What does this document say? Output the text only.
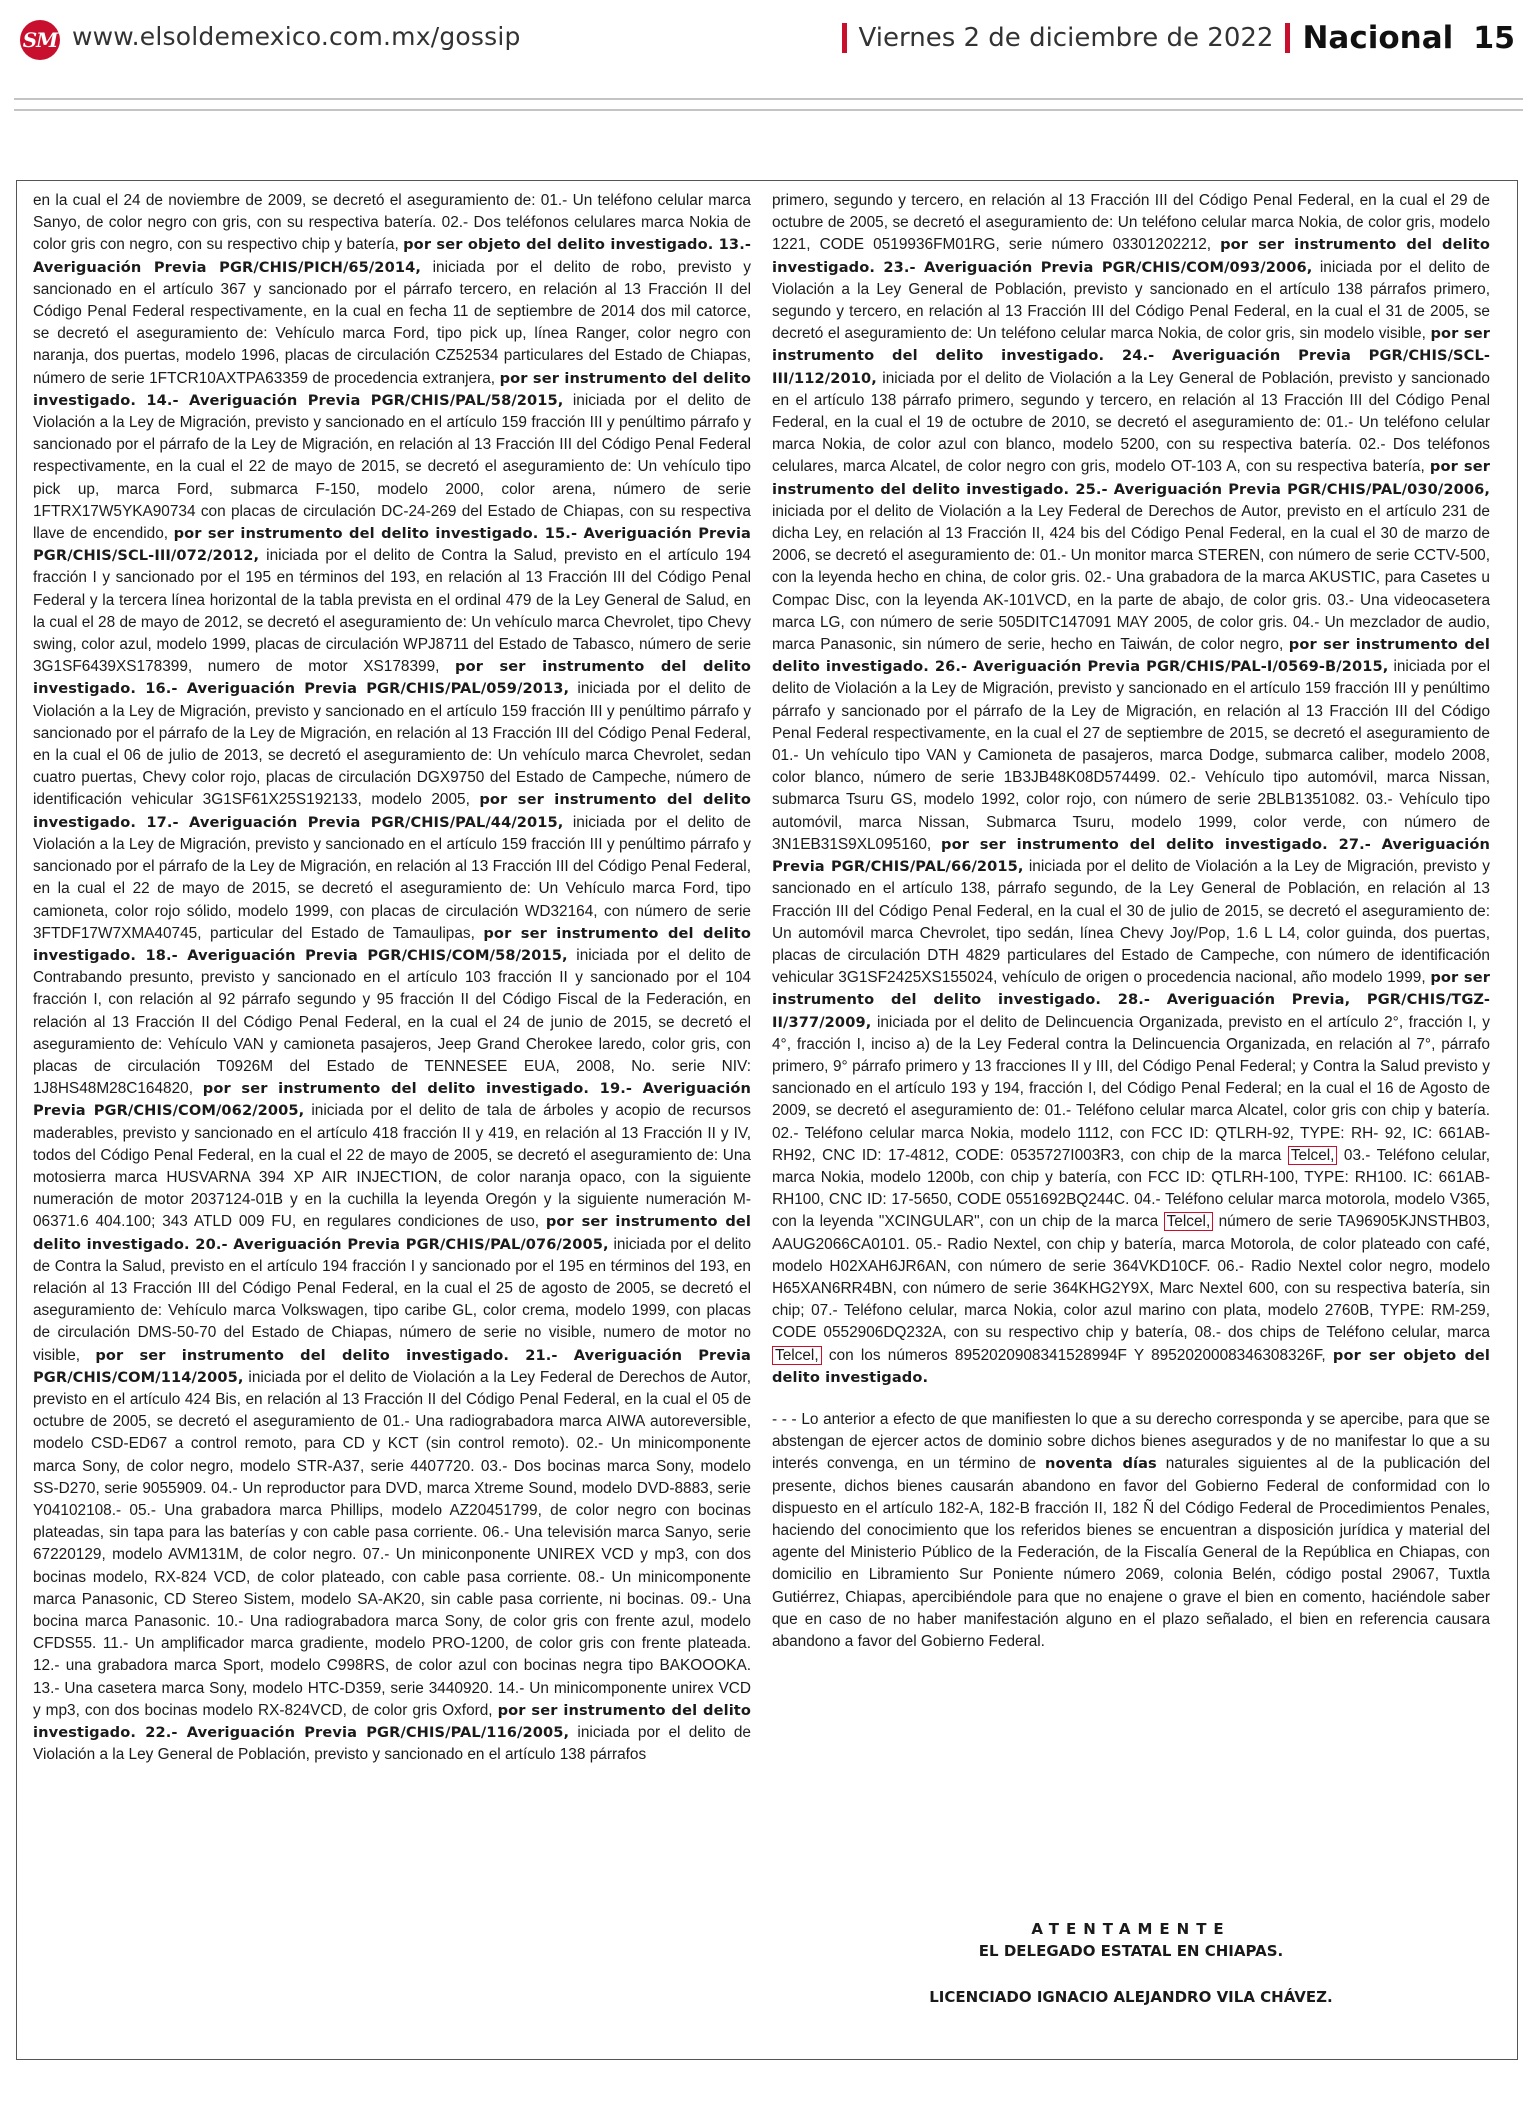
SM www.elsoldemexico.com.mx/gossip	Viernes 2 de diciembre de 2022 Nacional 15

en la cual el 24 de noviembre de 2009, se decretó el aseguramiento de: 01.- Un teléfono celular marca Sanyo, de color negro con gris, con su respectiva batería. 02.- Dos teléfonos celulares marca Nokia de color gris con negro, con su respectivo chip y batería, por ser objeto del delito investigado. 13.- Averiguación Previa PGR/CHIS/PICH/65/2014, iniciada por el delito de robo, previsto y sancionado en el artículo 367 y sancionado por el párrafo tercero, en relación al 13 Fracción II del Código Penal Federal respectivamente, en la cual en fecha 11 de septiembre de 2014 dos mil catorce, se decretó el aseguramiento de: Vehículo marca Ford, tipo pick up, línea Ranger, color negro con naranja, dos puertas, modelo 1996, placas de circulación CZ52534 particulares del Estado de Chiapas, número de serie 1FTCR10AXTPA63359 de procedencia extranjera, por ser instrumento del delito investigado. 14.- Averiguación Previa PGR/CHIS/PAL/58/2015, iniciada por el delito de Violación a la Ley de Migración, previsto y sancionado en el artículo 159 fracción III y penúltimo párrafo y sancionado por el párrafo de la Ley de Migración, en relación al 13 Fracción III del Código Penal Federal respectivamente, en la cual el 22 de mayo de 2015, se decretó el aseguramiento de: Un vehículo tipo pick up, marca Ford, submarca F-150, modelo 2000, color arena, número de serie 1FTRX17W5YKA90734 con placas de circulación DC-24-269 del Estado de Chiapas, con su respectiva llave de encendido, por ser instrumento del delito investigado. 15.- Averiguación Previa PGR/CHIS/SCL-III/072/2012, iniciada por el delito de Contra la Salud, previsto en el artículo 194 fracción I y sancionado por el 195 en términos del 193, en relación al 13 Fracción III del Código Penal Federal y la tercera línea horizontal de la tabla prevista en el ordinal 479 de la Ley General de Salud, en la cual el 28 de mayo de 2012, se decretó el aseguramiento de: Un vehículo marca Chevrolet, tipo Chevy swing, color azul, modelo 1999, placas de circulación WPJ8711 del Estado de Tabasco, número de serie 3G1SF6439XS178399, numero de motor XS178399, por ser instrumento del delito investigado. 16.- Averiguación Previa PGR/CHIS/PAL/059/2013, iniciada por el delito de Violación a la Ley de Migración, previsto y sancionado en el artículo 159 fracción III y penúltimo párrafo y sancionado por el párrafo de la Ley de Migración, en relación al 13 Fracción III del Código Penal Federal, en la cual el 06 de julio de 2013, se decretó el aseguramiento de: Un vehículo marca Chevrolet, sedan cuatro puertas, Chevy color rojo, placas de circulación DGX9750 del Estado de Campeche, número de identificación vehicular 3G1SF61X25S192133, modelo 2005, por ser instrumento del delito investigado. 17.- Averiguación Previa PGR/CHIS/PAL/44/2015, iniciada por el delito de Violación a la Ley de Migración, previsto y sancionado en el artículo 159 fracción III y penúltimo párrafo y sancionado por el párrafo de la Ley de Migración, en relación al 13 Fracción III del Código Penal Federal, en la cual el 22 de mayo de 2015, se decretó el aseguramiento de: Un Vehículo marca Ford, tipo camioneta, color rojo sólido, modelo 1999, con placas de circulación WD32164, con número de serie 3FTDF17W7XMA40745, particular del Estado de Tamaulipas, por ser instrumento del delito investigado. 18.- Averiguación Previa PGR/CHIS/COM/58/2015, iniciada por el delito de Contrabando presunto, previsto y sancionado en el artículo 103 fracción II y sancionado por el 104 fracción I, con relación al 92 párrafo segundo y 95 fracción II del Código Fiscal de la Federación, en relación al 13 Fracción II del Código Penal Federal, en la cual el 24 de junio de 2015, se decretó el aseguramiento de: Vehículo VAN y camioneta pasajeros, Jeep Grand Cherokee laredo, color gris, con placas de circulación T0926M del Estado de TENNESEE EUA, 2008, No. serie NIV: 1J8HS48M28C164820, por ser instrumento del delito investigado. 19.- Averiguación Previa PGR/CHIS/COM/062/2005, iniciada por el delito de tala de árboles y acopio de recursos maderables, previsto y sancionado en el artículo 418 fracción II y 419, en relación al 13 Fracción II y IV, todos del Código Penal Federal, en la cual el 22 de mayo de 2005, se decretó el aseguramiento de: Una motosierra marca HUSVARNA 394 XP AIR INJECTION, de color naranja opaco, con la siguiente numeración de motor 2037124-01B y en la cuchilla la leyenda Oregón y la siguiente numeración M-06371.6 404.100; 343 ATLD 009 FU, en regulares condiciones de uso, por ser instrumento del delito investigado. 20.- Averiguación Previa PGR/CHIS/PAL/076/2005, iniciada por el delito de Contra la Salud, previsto en el artículo 194 fracción I y sancionado por el 195 en términos del 193, en relación al 13 Fracción III del Código Penal Federal, en la cual el 25 de agosto de 2005, se decretó el aseguramiento de: Vehículo marca Volkswagen, tipo caribe GL, color crema, modelo 1999, con placas de circulación DMS-50-70 del Estado de Chiapas, número de serie no visible, numero de motor no visible, por ser instrumento del delito investigado. 21.- Averiguación Previa PGR/CHIS/COM/114/2005, iniciada por el delito de Violación a la Ley Federal de Derechos de Autor, previsto en el artículo 424 Bis, en relación al 13 Fracción II del Código Penal Federal, en la cual el 05 de octubre de 2005, se decretó el aseguramiento de 01.- Una radiograbadora marca AIWA autoreversible, modelo CSD-ED67 a control remoto, para CD y KCT (sin control remoto). 02.- Un minicomponente marca Sony, de color negro, modelo STR-A37, serie 4407720. 03.- Dos bocinas marca Sony, modelo SS-D270, serie 9055909. 04.- Un reproductor para DVD, marca Xtreme Sound, modelo DVD-8883, serie Y04102108.- 05.- Una grabadora marca Phillips, modelo AZ20451799, de color negro con bocinas plateadas, sin tapa para las baterías y con cable pasa corriente. 06.- Una televisión marca Sanyo, serie 67220129, modelo AVM131M, de color negro. 07.- Un miniconponente UNIREX VCD y mp3, con dos bocinas modelo, RX-824 VCD, de color plateado, con cable pasa corriente. 08.- Un minicomponente marca Panasonic, CD Stereo Sistem, modelo SA-AK20, sin cable pasa corriente, ni bocinas. 09.- Una bocina marca Panasonic. 10.- Una radiograbadora marca Sony, de color gris con frente azul, modelo CFDS55. 11.- Un amplificador marca gradiente, modelo PRO-1200, de color gris con frente plateada. 12.- una grabadora marca Sport, modelo C998RS, de color azul con bocinas negra tipo BAKOOOKA. 13.- Una casetera marca Sony, modelo HTC-D359, serie 3440920. 14.- Un minicomponente unirex VCD y mp3, con dos bocinas modelo RX-824VCD, de color gris Oxford, por ser instrumento del delito investigado. 22.- Averiguación Previa PGR/CHIS/PAL/116/2005, iniciada por el delito de Violación a la Ley General de Población, previsto y sancionado en el artículo 138 párrafos

primero, segundo y tercero, en relación al 13 Fracción III del Código Penal Federal, en la cual el 29 de octubre de 2005, se decretó el aseguramiento de: Un teléfono celular marca Nokia, de color gris, modelo 1221, CODE 0519936FM01RG, serie número 03301202212, por ser instrumento del delito investigado. 23.- Averiguación Previa PGR/CHIS/COM/093/2006, iniciada por el delito de Violación a la Ley General de Población, previsto y sancionado en el artículo 138 párrafos primero, segundo y tercero, en relación al 13 Fracción III del Código Penal Federal, en la cual el 31 de 2005, se decretó el aseguramiento de: Un teléfono celular marca Nokia, de color gris, sin modelo visible, por ser instrumento del delito investigado. 24.- Averiguación Previa PGR/CHIS/SCL-III/112/2010, iniciada por el delito de Violación a la Ley General de Población, previsto y sancionado en el artículo 138 párrafo primero, segundo y tercero, en relación al 13 Fracción III del Código Penal Federal, en la cual el 19 de octubre de 2010, se decretó el aseguramiento de: 01.- Un teléfono celular marca Nokia, de color azul con blanco, modelo 5200, con su respectiva batería. 02.- Dos teléfonos celulares, marca Alcatel, de color negro con gris, modelo OT-103 A, con su respectiva batería, por ser instrumento del delito investigado. 25.- Averiguación Previa PGR/CHIS/PAL/030/2006, iniciada por el delito de Violación a la Ley Federal de Derechos de Autor, previsto en el artículo 231 de dicha Ley, en relación al 13 Fracción II, 424 bis del Código Penal Federal, en la cual el 30 de marzo de 2006, se decretó el aseguramiento de: 01.- Un monitor marca STEREN, con número de serie CCTV-500, con la leyenda hecho en china, de color gris. 02.- Una grabadora de la marca AKUSTIC, para Casetes u Compac Disc, con la leyenda AK-101VCD, en la parte de abajo, de color gris. 03.- Una videocasetera marca LG, con número de serie 505DITC147091 MAY 2005, de color gris. 04.- Un mezclador de audio, marca Panasonic, sin número de serie, hecho en Taiwán, de color negro, por ser instrumento del delito investigado. 26.- Averiguación Previa PGR/CHIS/PAL-I/0569-B/2015, iniciada por el delito de Violación a la Ley de Migración, previsto y sancionado en el artículo 159 fracción III y penúltimo párrafo y sancionado por el párrafo de la Ley de Migración, en relación al 13 Fracción III del Código Penal Federal respectivamente, en la cual el 27 de septiembre de 2015, se decretó el aseguramiento de 01.- Un vehículo tipo VAN y Camioneta de pasajeros, marca Dodge, submarca caliber, modelo 2008, color blanco, número de serie 1B3JB48K08D574499. 02.- Vehículo tipo automóvil, marca Nissan, submarca Tsuru GS, modelo 1992, color rojo, con número de serie 2BLB1351082. 03.- Vehículo tipo automóvil, marca Nissan, Submarca Tsuru, modelo 1999, color verde, con número de 3N1EB31S9XL095160, por ser instrumento del delito investigado. 27.- Averiguación Previa PGR/CHIS/PAL/66/2015, iniciada por el delito de Violación a la Ley de Migración, previsto y sancionado en el artículo 138, párrafo segundo, de la Ley General de Población, en relación al 13 Fracción III del Código Penal Federal, en la cual el 30 de julio de 2015, se decretó el aseguramiento de: Un automóvil marca Chevrolet, tipo sedán, línea Chevy Joy/Pop, 1.6 L L4, color guinda, dos puertas, placas de circulación DTH 4829 particulares del Estado de Campeche, con número de identificación vehicular 3G1SF2425XS155024, vehículo de origen o procedencia nacional, año modelo 1999, por ser instrumento del delito investigado. 28.- Averiguación Previa, PGR/CHIS/TGZ-II/377/2009, iniciada por el delito de Delincuencia Organizada, previsto en el artículo 2°, fracción I, y 4°, fracción I, inciso a) de la Ley Federal contra la Delincuencia Organizada, en relación al 7°, párrafo primero, 9° párrafo primero y 13 fracciones II y III, del Código Penal Federal; y Contra la Salud previsto y sancionado en el artículo 193 y 194, fracción I, del Código Penal Federal; en la cual el 16 de Agosto de 2009, se decretó el aseguramiento de: 01.- Teléfono celular marca Alcatel, color gris con chip y batería. 02.- Teléfono celular marca Nokia, modelo 1112, con FCC ID: QTLRH-92, TYPE: RH- 92, IC: 661AB-RH92, CNC ID: 17-4812, CODE: 0535727I003R3, con chip de la marca Telcel, 03.- Teléfono celular, marca Nokia, modelo 1200b, con chip y batería, con FCC ID: QTLRH-100, TYPE: RH100. IC: 661AB-RH100, CNC ID: 17-5650, CODE 0551692BQ244C. 04.- Teléfono celular marca motorola, modelo V365, con la leyenda "XCINGULAR", con un chip de la marca Telcel, número de serie TA96905KJNSTHB03, AAUG2066CA0101. 05.- Radio Nextel, con chip y batería, marca Motorola, de color plateado con café, modelo H02XAH6JR6AN, con número de serie 364VKD10CF. 06.- Radio Nextel color negro, modelo H65XAN6RR4BN, con número de serie 364KHG2Y9X, Marc Nextel 600, con su respectiva batería, sin chip; 07.- Teléfono celular, marca Nokia, color azul marino con plata, modelo 2760B, TYPE: RM-259, CODE 0552906DQ232A, con su respectivo chip y batería, 08.- dos chips de Teléfono celular, marca Telcel, con los números 8952020908341528994F Y 8952020008346308326F, por ser objeto del delito investigado.

- - - Lo anterior a efecto de que manifiesten lo que a su derecho corresponda y se apercibe, para que se abstengan de ejercer actos de dominio sobre dichos bienes asegurados y de no manifestar lo que a su interés convenga, en un término de noventa días naturales siguientes al de la publicación del presente, dichos bienes causarán abandono en favor del Gobierno Federal de conformidad con lo dispuesto en el artículo 182-A, 182-B fracción II, 182 Ñ del Código Federal de Procedimientos Penales, haciendo del conocimiento que los referidos bienes se encuentran a disposición jurídica y material del agente del Ministerio Público de la Federación, de la Fiscalía General de la República en Chiapas, con domicilio en Libramiento Sur Poniente número 2069, colonia Belén, código postal 29067, Tuxtla Gutiérrez, Chiapas, apercibiéndole para que no enajene o grave el bien en comento, haciéndole saber que en caso de no haber manifestación alguno en el plazo señalado, el bien en referencia causara abandono a favor del Gobierno Federal.

ATENTAMENTE
EL DELEGADO ESTATAL EN CHIAPAS.
LICENCIADO IGNACIO ALEJANDRO VILA CHÁVEZ.
